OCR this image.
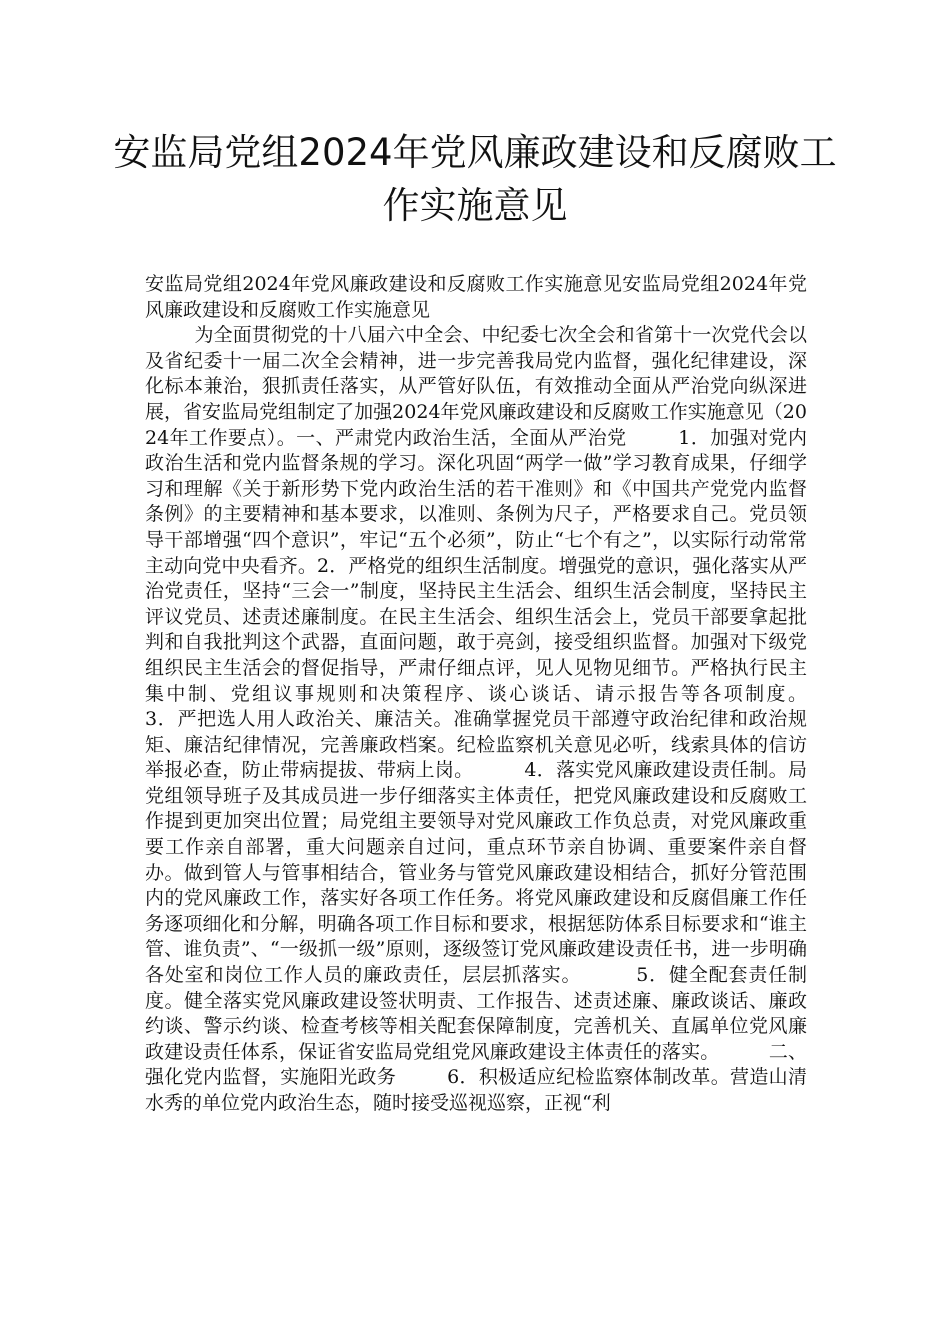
安监局党组2024年党风廉政建设和反腐败工作实施意见

安监局党组2024年党风廉政建设和反腐败工作实施意见安监局党组2024年党风廉政建设和反腐败工作实施意见
为全面贯彻党的十八届六中全会、中纪委七次全会和省第十一次党代会以及省纪委十一届二次全会精神，进一步完善我局党内监督，强化纪律建设，深化标本兼治，狠抓责任落实，从严管好队伍，有效推动全面从严治党向纵深进展，省安监局党组制定了加强2024年党风廉政建设和反腐败工作实施意见（2024年工作要点）。一、严肃党内政治生活，全面从严治党        1．加强对党内政治生活和党内监督条规的学习。深化巩固“两学一做”学习教育成果，仔细学习和理解《关于新形势下党内政治生活的若干准则》和《中国共产党党内监督条例》的主要精神和基本要求，以准则、条例为尺子，严格要求自己。党员领导干部增强“四个意识”，牢记“五个必须”，防止“七个有之”，以实际行动常常主动向党中央看齐。2．严格党的组织生活制度。增强党的意识，强化落实从严治党责任，坚持“三会一”制度，坚持民主生活会、组织生活会制度，坚持民主评议党员、述责述廉制度。在民主生活会、组织生活会上，党员干部要拿起批判和自我批判这个武器，直面问题，敢于亮剑，接受组织监督。加强对下级党组织民主生活会的督促指导，严肃仔细点评，见人见物见细节。严格执行民主集中制、党组议事规则和决策程序、谈心谈话、请示报告等各项制度。        3．严把选人用人政治关、廉洁关。准确掌握党员干部遵守政治纪律和政治规矩、廉洁纪律情况，完善廉政档案。纪检监察机关意见必听，线索具体的信访举报必查，防止带病提拔、带病上岗。        4．落实党风廉政建设责任制。局党组领导班子及其成员进一步仔细落实主体责任，把党风廉政建设和反腐败工作提到更加突出位置；局党组主要领导对党风廉政工作负总责，对党风廉政重要工作亲自部署，重大问题亲自过问，重点环节亲自协调、重要案件亲自督办。做到管人与管事相结合，管业务与管党风廉政建设相结合，抓好分管范围内的党风廉政工作，落实好各项工作任务。将党风廉政建设和反腐倡廉工作任务逐项细化和分解，明确各项工作目标和要求，根据惩防体系目标要求和“谁主管、谁负责”、“一级抓一级”原则，逐级签订党风廉政建设责任书，进一步明确各处室和岗位工作人员的廉政责任，层层抓落实。        5．健全配套责任制度。健全落实党风廉政建设签状明责、工作报告、述责述廉、廉政谈话、廉政约谈、警示约谈、检查考核等相关配套保障制度，完善机关、直属单位党风廉政建设责任体系，保证省安监局党组党风廉政建设主体责任的落实。        二、强化党内监督，实施阳光政务        6．积极适应纪检监察体制改革。营造山清水秀的单位党内政治生态，随时接受巡视巡察，正视“利
